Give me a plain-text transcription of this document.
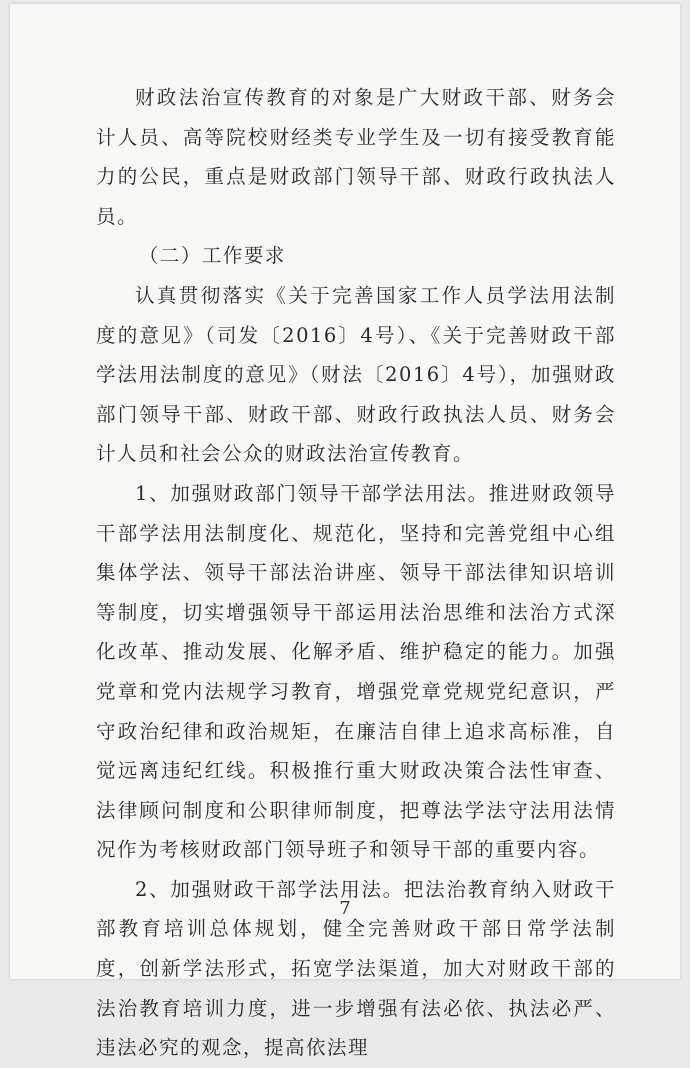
财政法治宣传教育的对象是广大财政干部、财务会计人员、高等院校财经类专业学生及一切有接受教育能力的公民，重点是财政部门领导干部、财政行政执法人员。

（二）工作要求

认真贯彻落实《关于完善国家工作人员学法用法制度的意见》（司发〔2016〕4号）、《关于完善财政干部学法用法制度的意见》（财法〔2016〕4号），加强财政部门领导干部、财政干部、财政行政执法人员、财务会计人员和社会公众的财政法治宣传教育。

1、加强财政部门领导干部学法用法。推进财政领导干部学法用法制度化、规范化，坚持和完善党组中心组集体学法、领导干部法治讲座、领导干部法律知识培训等制度，切实增强领导干部运用法治思维和法治方式深化改革、推动发展、化解矛盾、维护稳定的能力。加强党章和党内法规学习教育，增强党章党规党纪意识，严守政治纪律和政治规矩，在廉洁自律上追求高标准，自觉远离违纪红线。积极推行重大财政决策合法性审查、法律顾问制度和公职律师制度，把尊法学法守法用法情况作为考核财政部门领导班子和领导干部的重要内容。

2、加强财政干部学法用法。把法治教育纳入财政干部教育培训总体规划，健全完善财政干部日常学法制度，创新学法形式，拓宽学法渠道，加大对财政干部的法治教育培训力度，进一步增强有法必依、执法必严、违法必究的观念，提高依法理

7
